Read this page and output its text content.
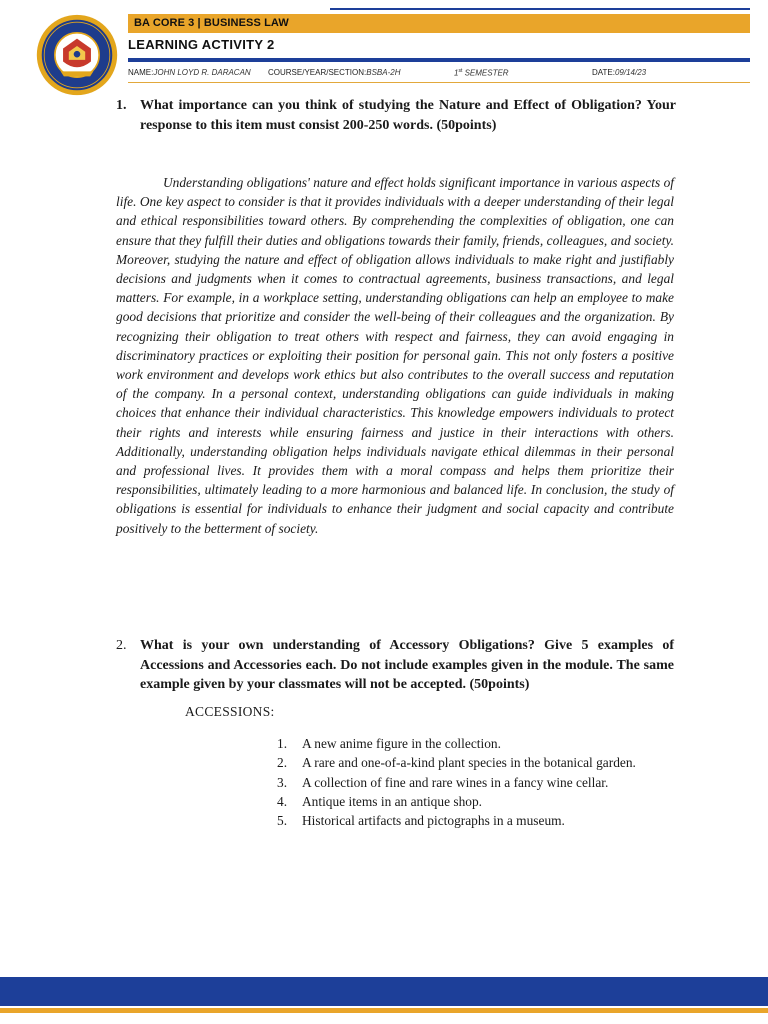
BA CORE 3 | BUSINESS LAW
LEARNING ACTIVITY 2
NAME:JOHN LOYD R. DARACAN COURSE/YEAR/SECTION:BSBA-2H	1st SEMESTER	DATE:09/14/23
1. What importance can you think of studying the Nature and Effect of Obligation? Your response to this item must consist 200-250 words. (50points)

Understanding obligations' nature and effect holds significant importance in various aspects of life. One key aspect to consider is that it provides individuals with a deeper understanding of their legal and ethical responsibilities toward others. By comprehending the complexities of obligation, one can ensure that they fulfill their duties and obligations towards their family, friends, colleagues, and society. Moreover, studying the nature and effect of obligation allows individuals to make right and justifiably decisions and judgments when it comes to contractual agreements, business transactions, and legal matters. For example, in a workplace setting, understanding obligations can help an employee to make good decisions that prioritize and consider the well-being of their colleagues and the organization. By recognizing their obligation to treat others with respect and fairness, they can avoid engaging in discriminatory practices or exploiting their position for personal gain. This not only fosters a positive work environment and develops work ethics but also contributes to the overall success and reputation of the company. In a personal context, understanding obligations can guide individuals in making choices that enhance their individual characteristics. This knowledge empowers individuals to protect their rights and interests while ensuring fairness and justice in their interactions with others. Additionally, understanding obligation helps individuals navigate ethical dilemmas in their personal and professional lives. It provides them with a moral compass and helps them prioritize their responsibilities, ultimately leading to a more harmonious and balanced life. In conclusion, the study of obligations is essential for individuals to enhance their judgment and social capacity and contribute positively to the betterment of society.

2. What is your own understanding of Accessory Obligations? Give 5 examples of Accessions and Accessories each. Do not include examples given in the module. The same example given by your classmates will not be accepted. (50points)
ACCESSIONS:
1. A new anime figure in the collection.
2. A rare and one-of-a-kind plant species in the botanical garden.
3. A collection of fine and rare wines in a fancy wine cellar.
4. Antique items in an antique shop.
5. Historical artifacts and pictographs in a museum.
